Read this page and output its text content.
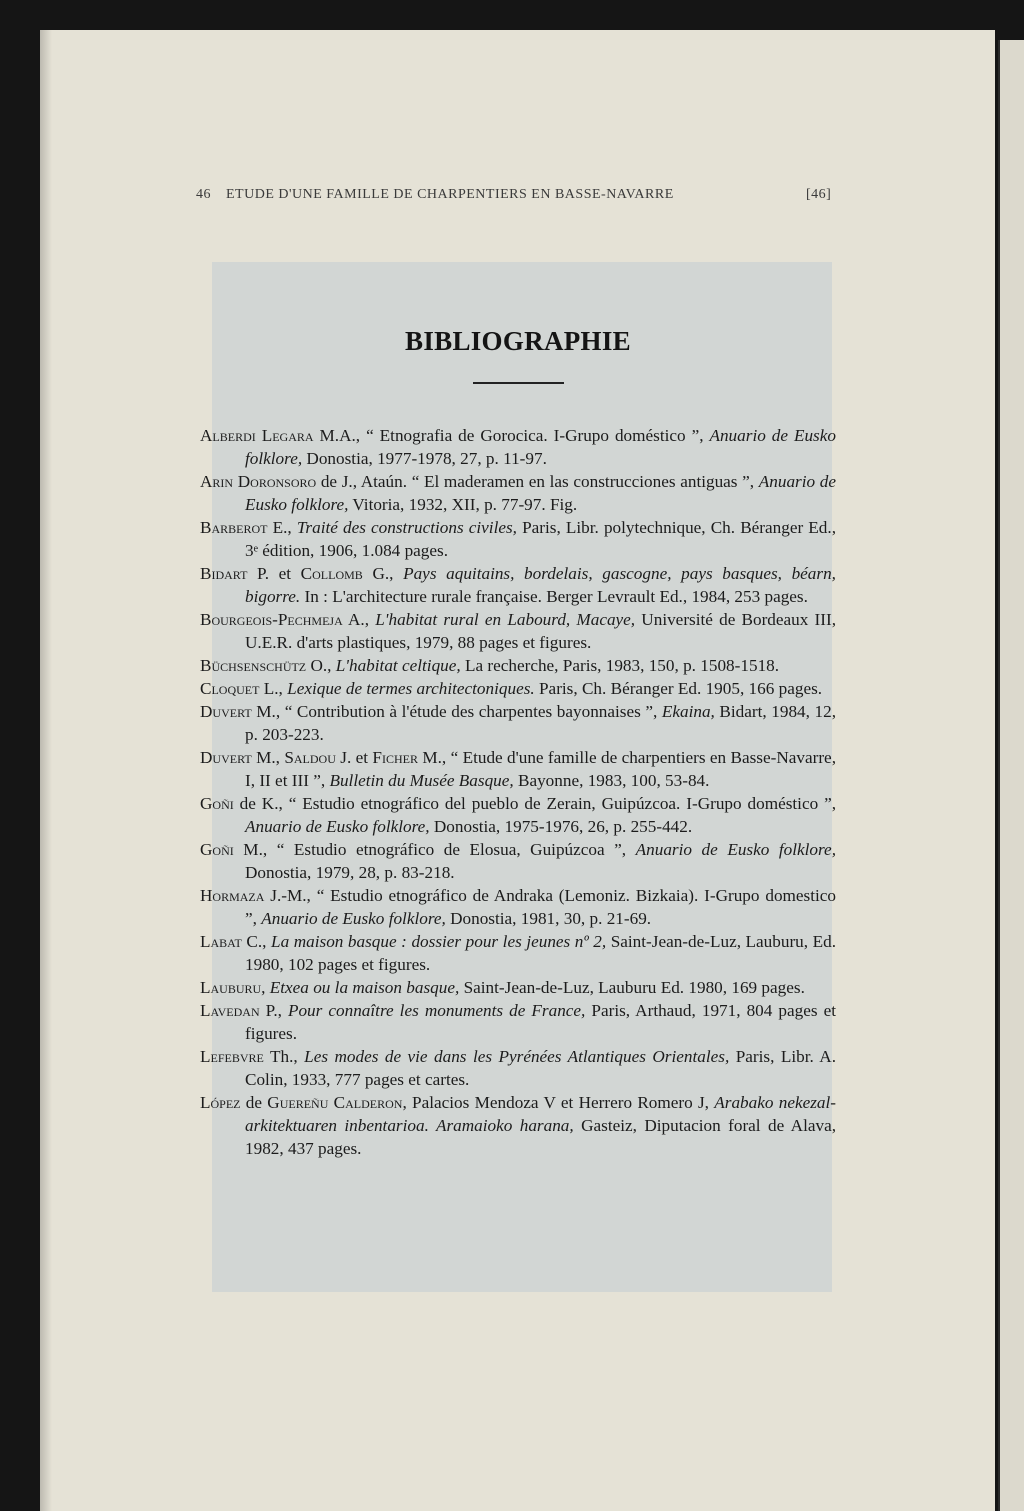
46 ETUDE D'UNE FAMILLE DE CHARPENTIERS EN BASSE-NAVARRE	[46]
BIBLIOGRAPHIE

Alberdi Legara M.A., “ Etnografia de Gorocica. I-Grupo doméstico ”, Anuario de Eusko folklore, Donostia, 1977-1978, 27, p. 11-97.

Arin Doronsoro de J., Ataún. “ El maderamen en las construcciones antiguas ”, Anuario de Eusko folklore, Vitoria, 1932, XII, p. 77-97. Fig.

Barberot E., Traité des constructions civiles, Paris, Libr. polytechnique, Ch. Béranger Ed., 3ᵉ édition, 1906, 1.084 pages.

Bidart P. et Collomb G., Pays aquitains, bordelais, gascogne, pays basques, béarn, bigorre. In : L'architecture rurale française. Berger Levrault Ed., 1984, 253 pages.

Bourgeois-Pechmeja A., L'habitat rural en Labourd, Macaye, Université de Bordeaux III, U.E.R. d'arts plastiques, 1979, 88 pages et figures.

Büchsenschütz O., L'habitat celtique, La recherche, Paris, 1983, 150, p. 1508-1518.

Cloquet L., Lexique de termes architectoniques. Paris, Ch. Béranger Ed. 1905, 166 pages.

Duvert M., “ Contribution à l'étude des charpentes bayonnaises ”, Ekaina, Bidart, 1984, 12, p. 203-223.

Duvert M., Saldou J. et Ficher M., “ Etude d'une famille de charpentiers en Basse-Navarre, I, II et III ”, Bulletin du Musée Basque, Bayonne, 1983, 100, 53-84.

Goñi de K., “ Estudio etnográfico del pueblo de Zerain, Guipúzcoa. I-Grupo doméstico ”, Anuario de Eusko folklore, Donostia, 1975-1976, 26, p. 255-442.

Goñi M., “ Estudio etnográfico de Elosua, Guipúzcoa ”, Anuario de Eusko folklore, Donostia, 1979, 28, p. 83-218.

Hormaza J.-M., “ Estudio etnográfico de Andraka (Lemoniz. Bizkaia). I-Grupo domestico ”, Anuario de Eusko folklore, Donostia, 1981, 30, p. 21-69.

Labat C., La maison basque : dossier pour les jeunes nº 2, Saint-Jean-de-Luz, Lauburu, Ed. 1980, 102 pages et figures.

Lauburu, Etxea ou la maison basque, Saint-Jean-de-Luz, Lauburu Ed. 1980, 169 pages.

Lavedan P., Pour connaître les monuments de France, Paris, Arthaud, 1971, 804 pages et figures.

Lefebvre Th., Les modes de vie dans les Pyrénées Atlantiques Orientales, Paris, Libr. A. Colin, 1933, 777 pages et cartes.

López de Guereñu Calderon, Palacios Mendoza V et Herrero Romero J, Arabako nekezal-arkitektuaren inbentarioa. Aramaioko harana, Gasteiz, Diputacion foral de Alava, 1982, 437 pages.
